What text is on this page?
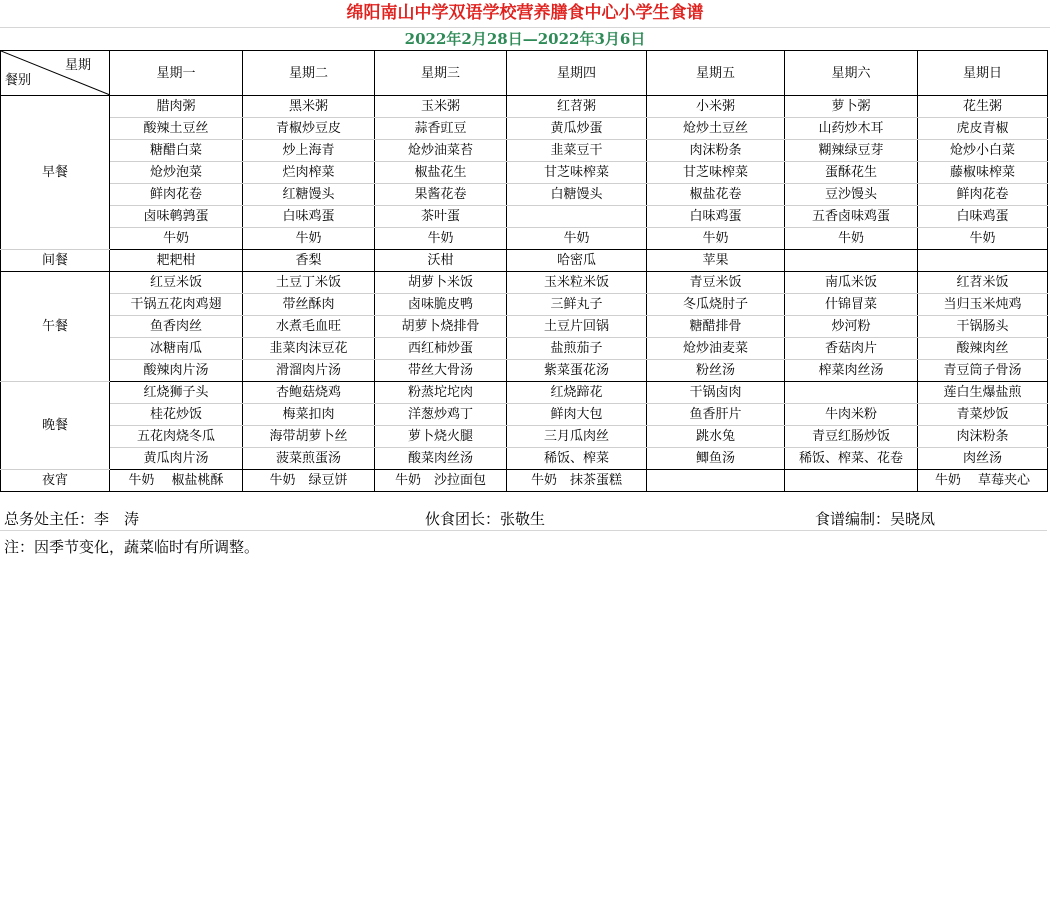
绵阳南山中学双语学校营养膳食中心小学生食谱
2022年2月28日—2022年3月6日
星期
餐别	星期一	星期二	星期三	星期四	星期五	星期六	星期日
早餐	腊肉粥	黑米粥	玉米粥	红苕粥	小米粥	萝卜粥	花生粥
	酸辣土豆丝	青椒炒豆皮	蒜香豇豆	黄瓜炒蛋	炝炒土豆丝	山药炒木耳	虎皮青椒
	糖醋白菜	炒上海青	炝炒油菜苔	韭菜豆干	肉沫粉条	糊辣绿豆芽	炝炒小白菜
	炝炒泡菜	烂肉榨菜	椒盐花生	甘芝味榨菜	甘芝味榨菜	蛋酥花生	藤椒味榨菜
	鲜肉花卷	红糖馒头	果酱花卷	白糖馒头	椒盐花卷	豆沙馒头	鲜肉花卷
	卤味鹌鹑蛋	白味鸡蛋	茶叶蛋		白味鸡蛋	五香卤味鸡蛋	白味鸡蛋
	牛奶	牛奶	牛奶	牛奶	牛奶	牛奶	牛奶
间餐	耙耙柑	香梨	沃柑	哈密瓜	苹果		
午餐	红豆米饭	土豆丁米饭	胡萝卜米饭	玉米粒米饭	青豆米饭	南瓜米饭	红苕米饭
	干锅五花肉鸡翅	带丝酥肉	卤味脆皮鸭	三鲜丸子	冬瓜烧肘子	什锦冒菜	当归玉米炖鸡
	鱼香肉丝	水煮毛血旺	胡萝卜烧排骨	土豆片回锅	糖醋排骨	炒河粉	干锅肠头
	冰糖南瓜	韭菜肉沫豆花	西红柿炒蛋	盐煎茄子	炝炒油麦菜	香菇肉片	酸辣肉丝
	酸辣肉片汤	滑溜肉片汤	带丝大骨汤	紫菜蛋花汤	粉丝汤	榨菜肉丝汤	青豆筒子骨汤
晚餐	红烧狮子头	杏鲍菇烧鸡	粉蒸坨坨肉	红烧蹄花	干锅卤肉		莲白生爆盐煎
	桂花炒饭	梅菜扣肉	洋葱炒鸡丁	鲜肉大包	鱼香肝片	牛肉米粉	青菜炒饭
	五花肉烧冬瓜	海带胡萝卜丝	萝卜烧火腿	三月瓜肉丝	跳水兔	青豆红肠炒饭	肉沫粉条
	黄瓜肉片汤	菠菜煎蛋汤	酸菜肉丝汤	稀饭、榨菜	鲫鱼汤	稀饭、榨菜、花卷	肉丝汤
夜宵	牛奶　 椒盐桃酥	牛奶　绿豆饼	牛奶　沙拉面包	牛奶　抹茶蛋糕			牛奶　 草莓夹心
总务处主任：李　涛	伙食团长：张敬生	食谱编制：吴晓凤
注：因季节变化，蔬菜临时有所调整。
